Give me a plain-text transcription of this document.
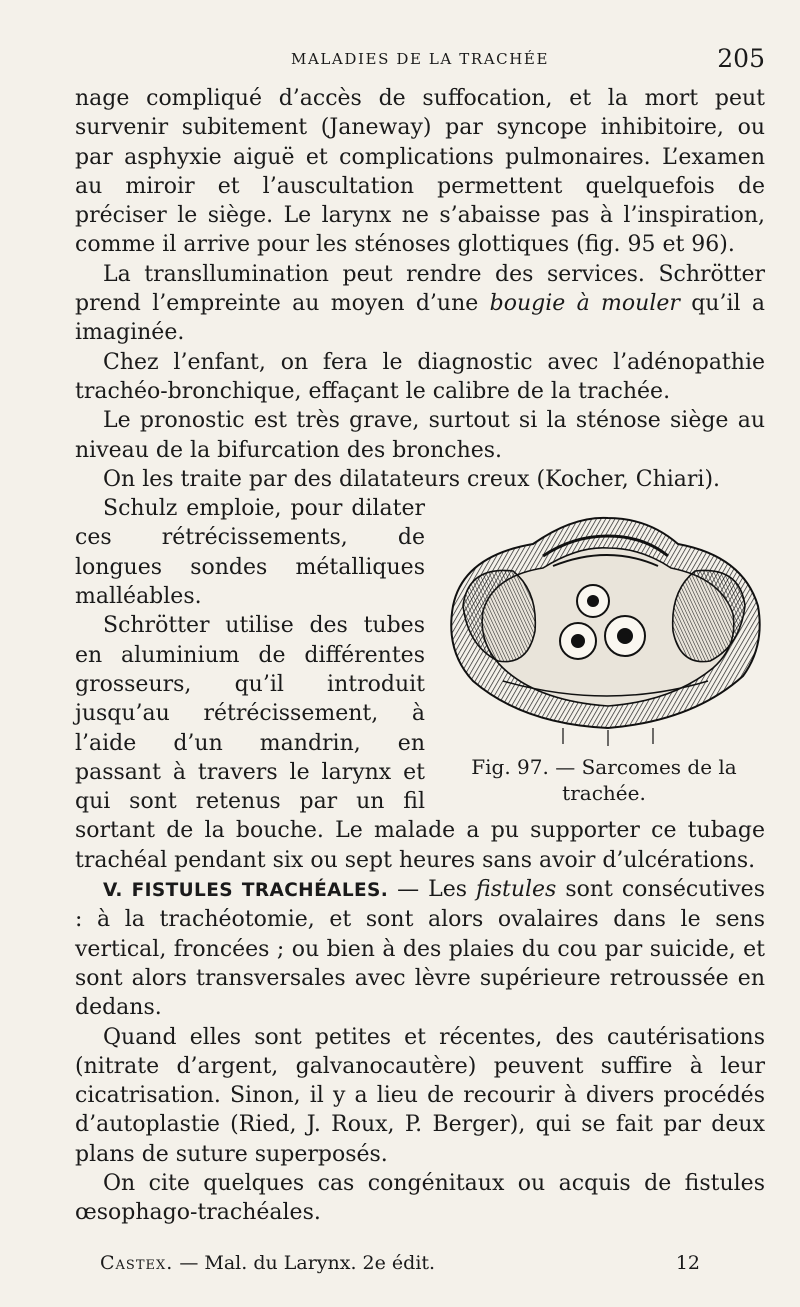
MALADIES DE LA TRACHÉE	205

nage compliqué d’accès de suffocation, et la mort peut survenir subitement (Janeway) par syncope inhibitoire, ou par asphyxie aiguë et complications pulmonaires. L’examen au miroir et l’auscultation permettent quelquefois de préciser le siège. Le larynx ne s’abaisse pas à l’inspiration, comme il arrive pour les sténoses glottiques (fig. 95 et 96).

La transllumination peut rendre des services. Schrötter prend l’empreinte au moyen d’une bougie à mouler qu’il a imaginée.

Chez l’enfant, on fera le diagnostic avec l’adénopathie trachéo-bronchique, effaçant le calibre de la trachée.

Le pronostic est très grave, surtout si la sténose siège au niveau de la bifurcation des bronches.

On les traite par des dilatateurs creux (Kocher, Chiari).

Fig. 97. — Sarcomes de la
trachée.

Schulz emploie, pour dilater ces rétrécissements, de longues sondes métalliques malléables.

Schrötter utilise des tubes en aluminium de différentes grosseurs, qu’il introduit jusqu’au rétrécissement, à l’aide d’un mandrin, en passant à travers le larynx et qui sont retenus par un fil sortant de la bouche. Le malade a pu supporter ce tubage trachéal pendant six ou sept heures sans avoir d’ulcérations.

V. FISTULES TRACHÉALES. — Les fistules sont consécutives : à la trachéotomie, et sont alors ovalaires dans le sens vertical, froncées ; ou bien à des plaies du cou par suicide, et sont alors transversales avec lèvre supérieure retroussée en dedans.

Quand elles sont petites et récentes, des cautérisations (nitrate d’argent, galvanocautère) peuvent suffire à leur cicatrisation. Sinon, il y a lieu de recourir à divers procédés d’autoplastie (Ried, J. Roux, P. Berger), qui se fait par deux plans de suture superposés.

On cite quelques cas congénitaux ou acquis de fistules œsophago-trachéales.

Castex. — Mal. du Larynx. 2e édit.	12
